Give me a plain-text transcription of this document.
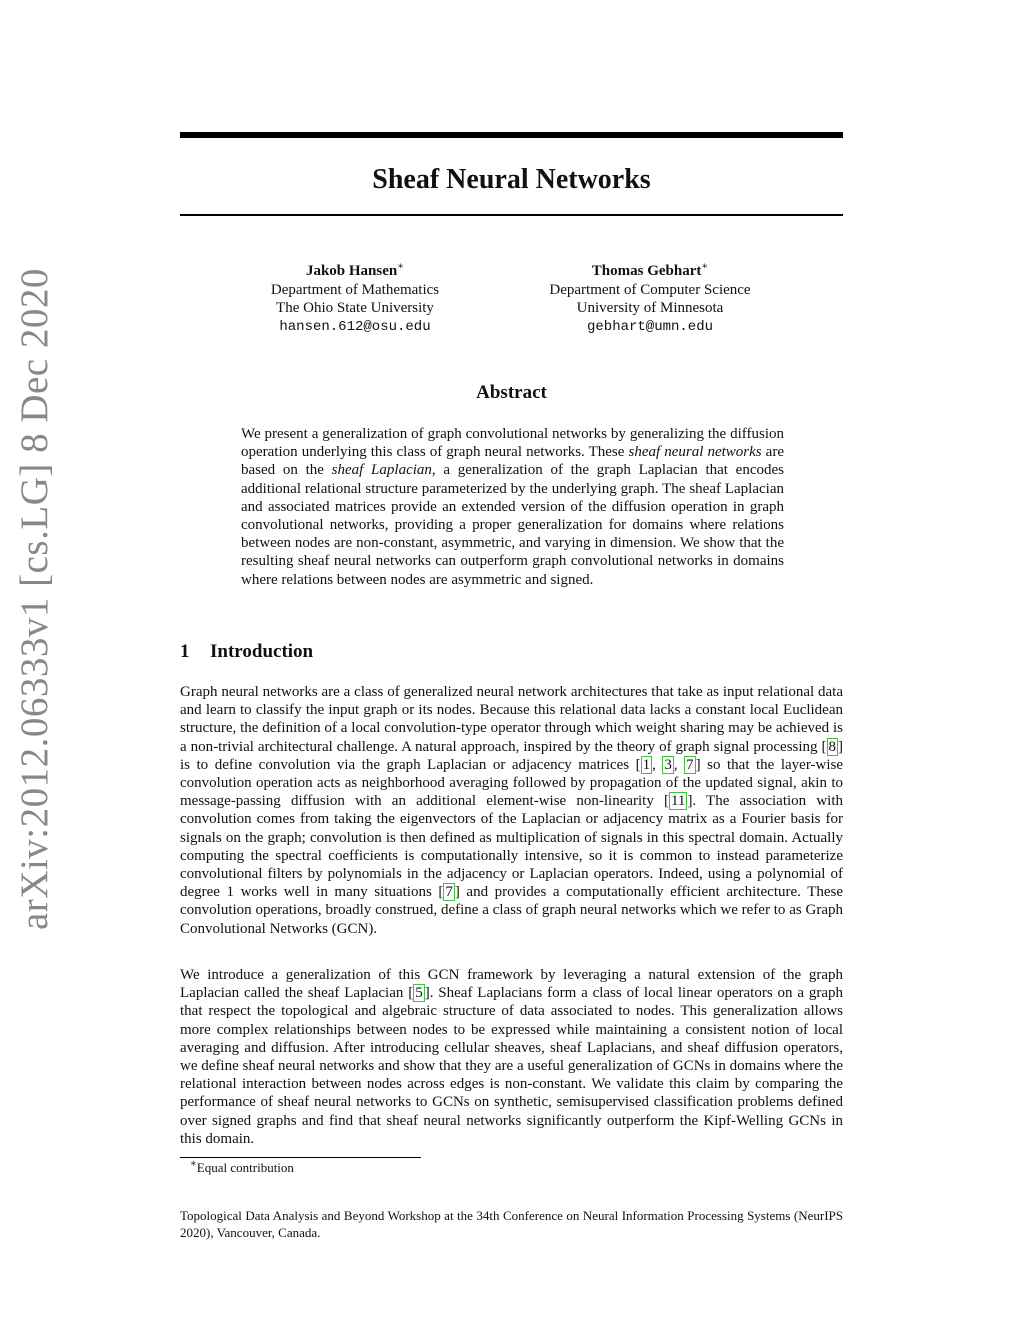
arXiv:2012.06333v1 [cs.LG] 8 Dec 2020
Sheaf Neural Networks
Jakob Hansen∗
Department of Mathematics
The Ohio State University
hansen.612@osu.edu
Thomas Gebhart∗
Department of Computer Science
University of Minnesota
gebhart@umn.edu
Abstract

We present a generalization of graph convolutional networks by generalizing the diffusion operation underlying this class of graph neural networks. These sheaf neural networks are based on the sheaf Laplacian, a generalization of the graph Laplacian that encodes additional relational structure parameterized by the underlying graph. The sheaf Laplacian and associated matrices provide an extended version of the diffusion operation in graph convolutional networks, providing a proper generalization for domains where relations between nodes are non-constant, asymmetric, and varying in dimension. We show that the resulting sheaf neural networks can outperform graph convolutional networks in domains where relations between nodes are asymmetric and signed.

1 Introduction

Graph neural networks are a class of generalized neural network architectures that take as input relational data and learn to classify the input graph or its nodes. Because this relational data lacks a constant local Euclidean structure, the definition of a local convolution-type operator through which weight sharing may be achieved is a non-trivial architectural challenge. A natural approach, inspired by the theory of graph signal processing [ 8 ] is to define convolution via the graph Laplacian or adjacency matrices [ 1 , 3 , 7 ] so that the layer-wise convolution operation acts as neighborhood averaging followed by propagation of the updated signal, akin to message-passing diffusion with an additional element-wise non-linearity [ 11 ]. The association with convolution comes from taking the eigenvectors of the Laplacian or adjacency matrix as a Fourier basis for signals on the graph; convolution is then defined as multiplication of signals in this spectral domain. Actually computing the spectral coefficients is computationally intensive, so it is common to instead parameterize convolutional filters by polynomials in the adjacency or Laplacian operators. Indeed, using a polynomial of degree 1 works well in many situations [ 7 ] and provides a computationally efficient architecture. These convolution operations, broadly construed, define a class of graph neural networks which we refer to as Graph Convolutional Networks (GCN).

We introduce a generalization of this GCN framework by leveraging a natural extension of the graph Laplacian called the sheaf Laplacian [ 5 ]. Sheaf Laplacians form a class of local linear operators on a graph that respect the topological and algebraic structure of data associated to nodes. This generalization allows more complex relationships between nodes to be expressed while maintaining a consistent notion of local averaging and diffusion. After introducing cellular sheaves, sheaf Laplacians, and sheaf diffusion operators, we define sheaf neural networks and show that they are a useful generalization of GCNs in domains where the relational interaction between nodes across edges is non-constant. We validate this claim by comparing the performance of sheaf neural networks to GCNs on synthetic, semisupervised classification problems defined over signed graphs and find that sheaf neural networks significantly outperform the Kipf-Welling GCNs in this domain.

∗Equal contribution

Topological Data Analysis and Beyond Workshop at the 34th Conference on Neural Information Processing Systems (NeurIPS 2020), Vancouver, Canada.
